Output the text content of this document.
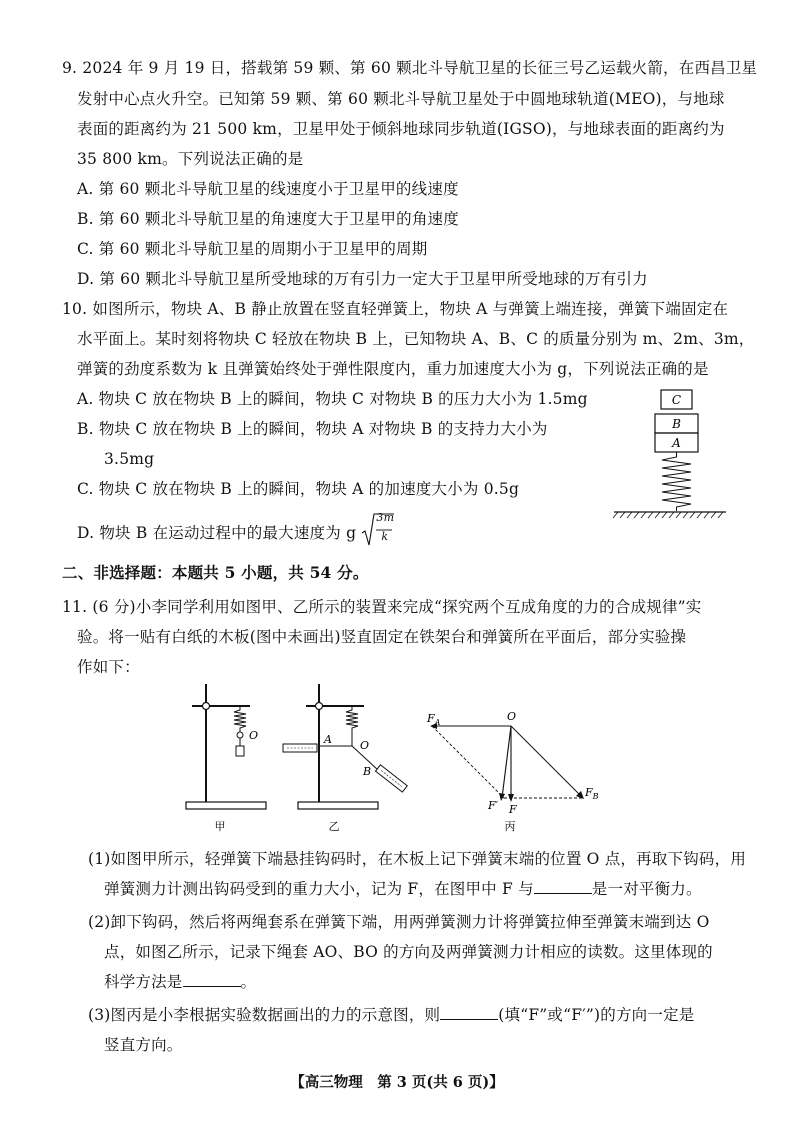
9. 2024 年 9 月 19 日，搭载第 59 颗、第 60 颗北斗导航卫星的长征三号乙运载火箭，在西昌卫星
发射中心点火升空。已知第 59 颗、第 60 颗北斗导航卫星处于中圆地球轨道(MEO)，与地球
表面的距离约为 21 500 km，卫星甲处于倾斜地球同步轨道(IGSO)，与地球表面的距离约为
35 800 km。下列说法正确的是
A. 第 60 颗北斗导航卫星的线速度小于卫星甲的线速度
B. 第 60 颗北斗导航卫星的角速度大于卫星甲的角速度
C. 第 60 颗北斗导航卫星的周期小于卫星甲的周期
D. 第 60 颗北斗导航卫星所受地球的万有引力一定大于卫星甲所受地球的万有引力
10. 如图所示，物块 A、B 静止放置在竖直轻弹簧上，物块 A 与弹簧上端连接，弹簧下端固定在
水平面上。某时刻将物块 C 轻放在物块 B 上，已知物块 A、B、C 的质量分别为 m、2m、3m，
弹簧的劲度系数为 k 且弹簧始终处于弹性限度内，重力加速度大小为 g，下列说法正确的是
A. 物块 C 放在物块 B 上的瞬间，物块 C 对物块 B 的压力大小为 1.5mg
B. 物块 C 放在物块 B 上的瞬间，物块 A 对物块 B 的支持力大小为
3.5mg
C. 物块 C 放在物块 B 上的瞬间，物块 A 的加速度大小为 0.5g
D. 物块 B 在运动过程中的最大速度为 g
3m
k
C
B
A
二、非选择题：本题共 5 小题，共 54 分。
11. (6 分)小李同学利用如图甲、乙所示的装置来完成“探究两个互成角度的力的合成规律”实
验。将一贴有白纸的木板(图中未画出)竖直固定在铁架台和弹簧所在平面后，部分实验操
作如下：
O
甲
A	O
B
乙
$F_A$	O
$F_B$
F′ F
丙
(1)如图甲所示，轻弹簧下端悬挂钩码时，在木板上记下弹簧末端的位置 O 点，再取下钩码，用
弹簧测力计测出钩码受到的重力大小，记为 F，在图甲中 F 与	是一对平衡力。
(2)卸下钩码，然后将两绳套系在弹簧下端，用两弹簧测力计将弹簧拉伸至弹簧末端到达 O
点，如图乙所示，记录下绳套 AO、BO 的方向及两弹簧测力计相应的读数。这里体现的
科学方法是	。
(3)图丙是小李根据实验数据画出的力的示意图，则	(填“F”或“F′”)的方向一定是
竖直方向。
【高三物理　第 3 页(共 6 页)】
